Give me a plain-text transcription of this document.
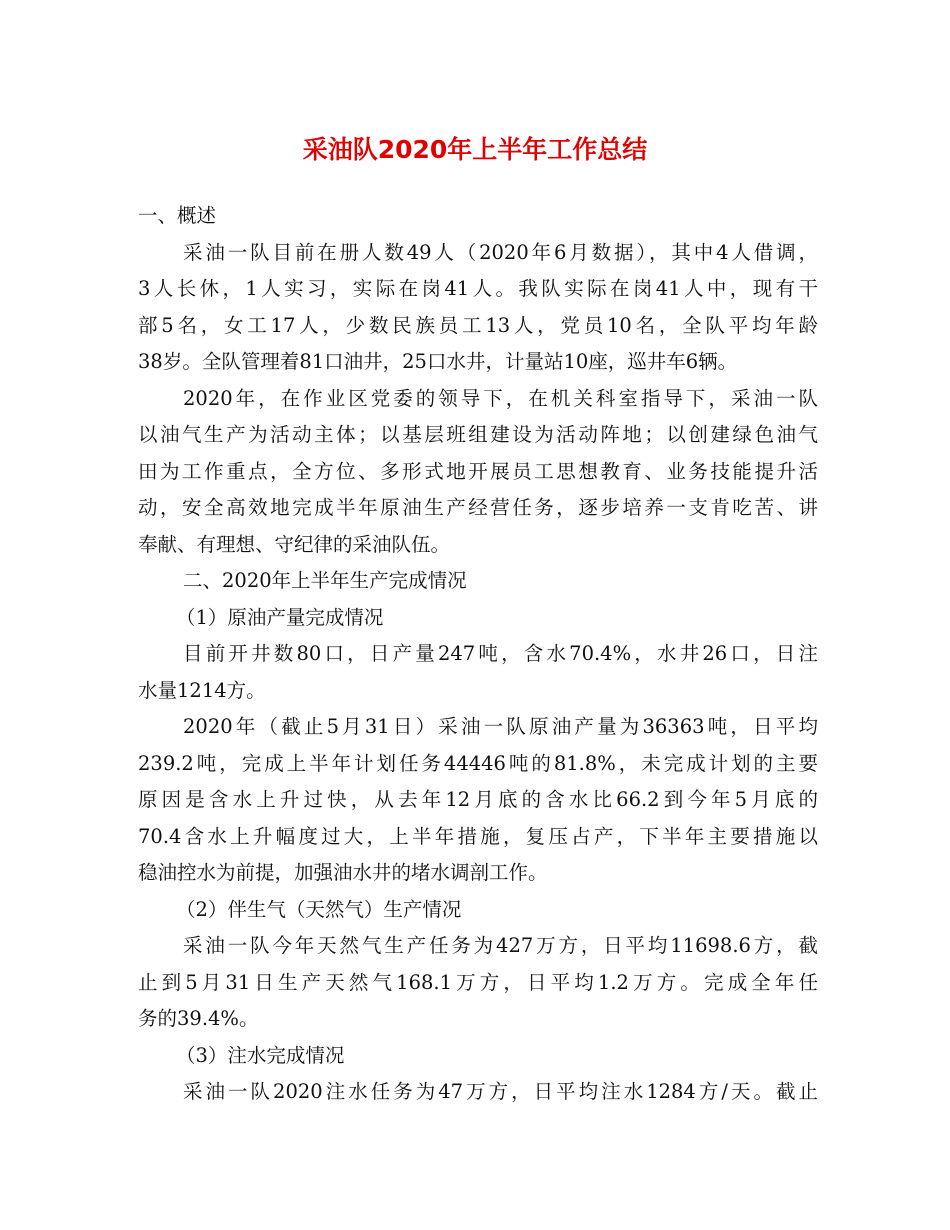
采油队2020年上半年工作总结
一、概述
采油一队目前在册人数49人（2020年6月数据），其中4人借调，
3人长休，1人实习，实际在岗41人。我队实际在岗41人中，现有干
部5名，女工17人，少数民族员工13人，党员10名，全队平均年龄
38岁。全队管理着81口油井，25口水井，计量站10座，巡井车6辆。
2020年，在作业区党委的领导下，在机关科室指导下，采油一队
以油气生产为活动主体；以基层班组建设为活动阵地；以创建绿色油气
田为工作重点，全方位、多形式地开展员工思想教育、业务技能提升活
动，安全高效地完成半年原油生产经营任务，逐步培养一支肯吃苦、讲
奉献、有理想、守纪律的采油队伍。
二、2020年上半年生产完成情况
（1）原油产量完成情况
目前开井数80口，日产量247吨，含水70.4%，水井26口，日注
水量1214方。
2020年（截止5月31日）采油一队原油产量为36363吨，日平均
239.2吨，完成上半年计划任务44446吨的81.8%，未完成计划的主要
原因是含水上升过快，从去年12月底的含水比66.2到今年5月底的
70.4含水上升幅度过大，上半年措施，复压占产，下半年主要措施以
稳油控水为前提，加强油水井的堵水调剖工作。
（2）伴生气（天然气）生产情况
采油一队今年天然气生产任务为427万方，日平均11698.6方，截
止到5月31日生产天然气168.1万方，日平均1.2万方。完成全年任
务的39.4%。
（3）注水完成情况
采油一队2020注水任务为47万方，日平均注水1284方/天。截止
